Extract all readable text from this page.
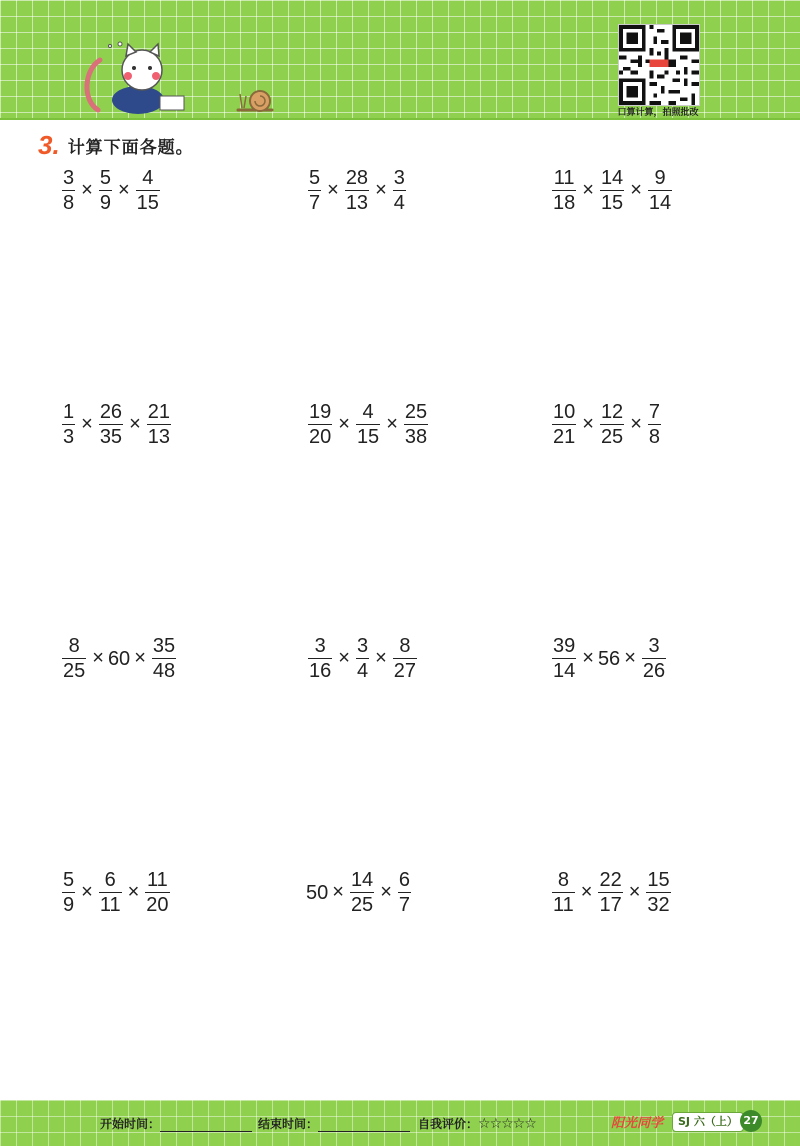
口算计算，拍照批改
3. 计算下面各题。
$\frac{3}{8} \times \frac{5}{9} \times \frac{4}{15}$	$\frac{5}{7} \times \frac{28}{13} \times \frac{3}{4}$	$\frac{11}{18} \times \frac{14}{15} \times \frac{9}{14}$
$\frac{1}{3} \times \frac{26}{35} \times \frac{21}{13}$	$\frac{19}{20} \times \frac{4}{15} \times \frac{25}{38}$	$\frac{10}{21} \times \frac{12}{25} \times \frac{7}{8}$
$\frac{8}{25} \times 60 \times \frac{35}{48}$	$\frac{3}{16} \times \frac{3}{4} \times \frac{8}{27}$	$\frac{39}{14} \times 56 \times \frac{3}{26}$
$\frac{5}{9} \times \frac{6}{11} \times \frac{11}{20}$	$50 \times \frac{14}{25} \times \frac{6}{7}$	$\frac{8}{11} \times \frac{22}{17} \times \frac{15}{32}$
开始时间：	结束时间：	自我评价：☆☆☆☆☆	阳光同学	SJ 六（上） 27
